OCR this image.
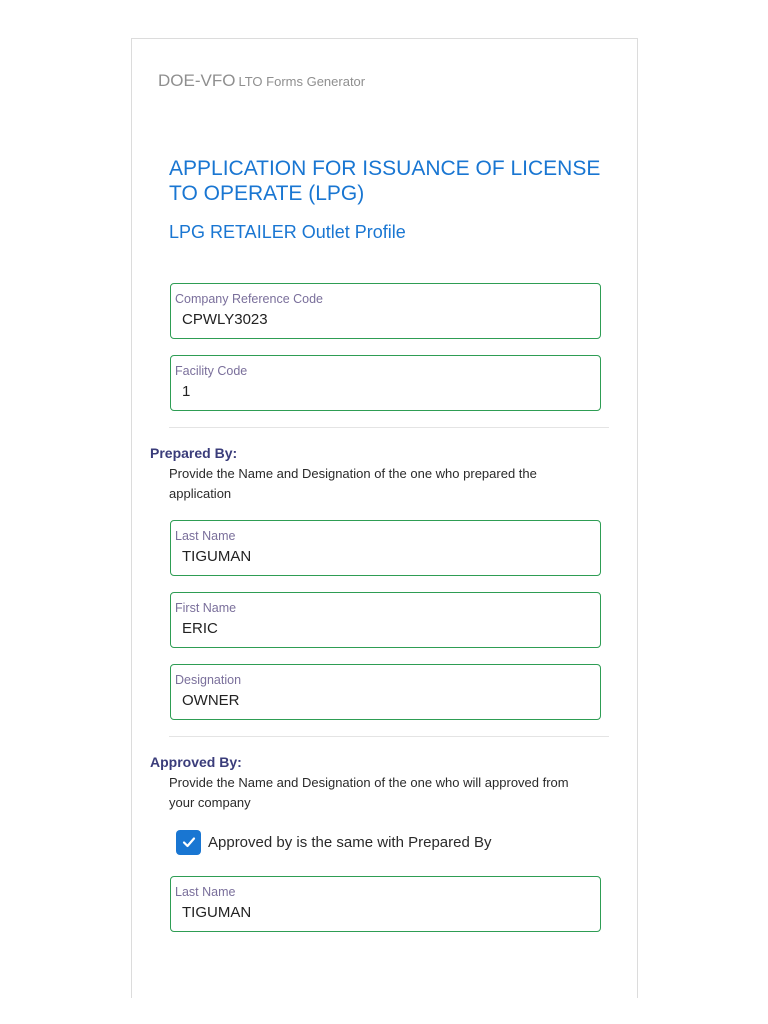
DOE-VFO LTO Forms Generator
APPLICATION FOR ISSUANCE OF LICENSE TO OPERATE (LPG)
LPG RETAILER Outlet Profile
Company Reference Code
CPWLY3023
Facility Code
1
Prepared By:
Provide the Name and Designation of the one who prepared the application
Last Name
TIGUMAN
First Name
ERIC
Designation
OWNER
Approved By:
Provide the Name and Designation of the one who will approved from your company
Approved by is the same with Prepared By
Last Name
TIGUMAN
